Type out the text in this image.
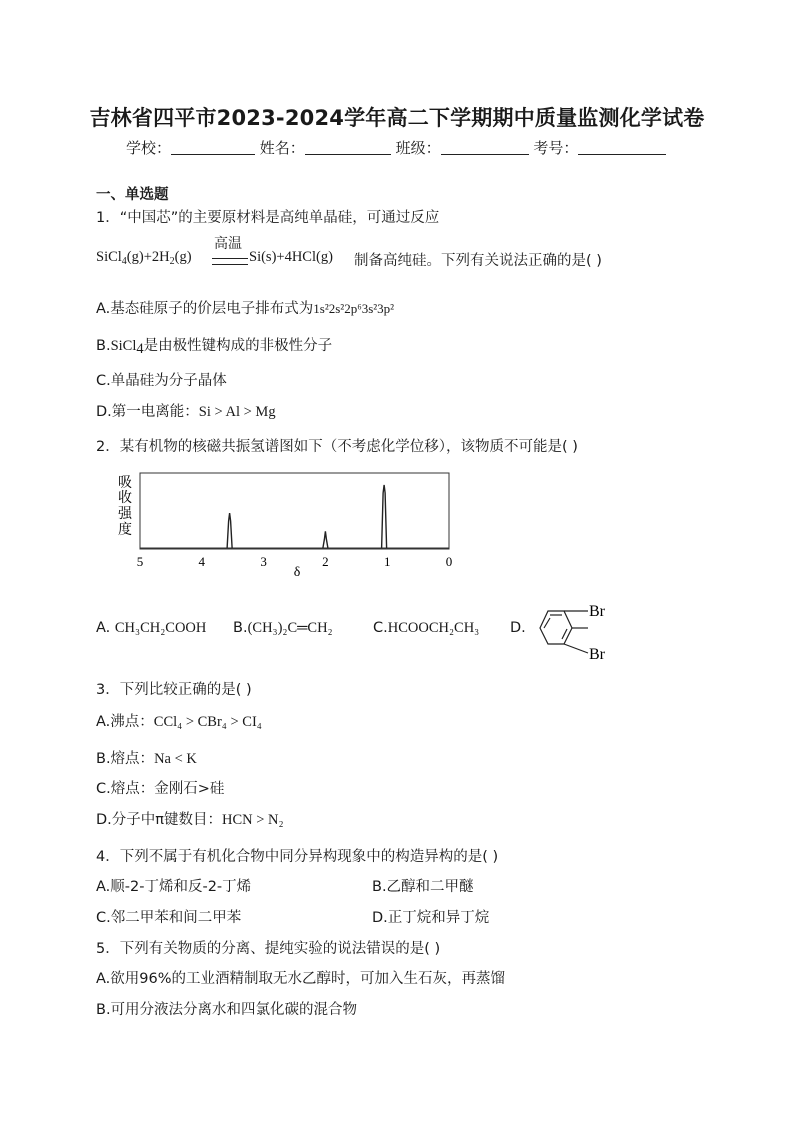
吉林省四平市2023-2024学年高二下学期期中质量监测化学试卷
学校：	姓名：	班级：	考号：
一、单选题
1．“中国芯”的主要原材料是高纯单晶硅，可通过反应
$SiCl_4(g)+2H_2(g)$
高温
Si(s)+4HCl(g) 制备高纯硅。下列有关说法正确的是( )
A.基态硅原子的价层电子排布式为1s²2s²2p⁶3s²3p²
B.SiCl$_4$是由极性键构成的非极性分子
C.单晶硅为分子晶体
D.第一电离能：Si > Al > Mg
2．某有机物的核磁共振氢谱图如下（不考虑化学位移），该物质不可能是( )
吸
收
强
度
δ
5	4	3	2	1	0
A. CH₃CH₂COOH B.(CH₃)₂C═CH₂	C.HCOOCH₂CH₃ D.
Br
Br
3．下列比较正确的是( )
A.沸点：CCl₄ > CBr₄ > CI₄
B.熔点：Na < K
C.熔点：金刚石>硅
D.分子中π键数目：HCN > N₂
4．下列不属于有机化合物中同分异构现象中的构造异构的是( )
A.顺-2-丁烯和反-2-丁烯	B.乙醇和二甲醚
C.邻二甲苯和间二甲苯	D.正丁烷和异丁烷
5．下列有关物质的分离、提纯实验的说法错误的是( )
A.欲用96%的工业酒精制取无水乙醇时，可加入生石灰，再蒸馏
B.可用分液法分离水和四氯化碳的混合物
